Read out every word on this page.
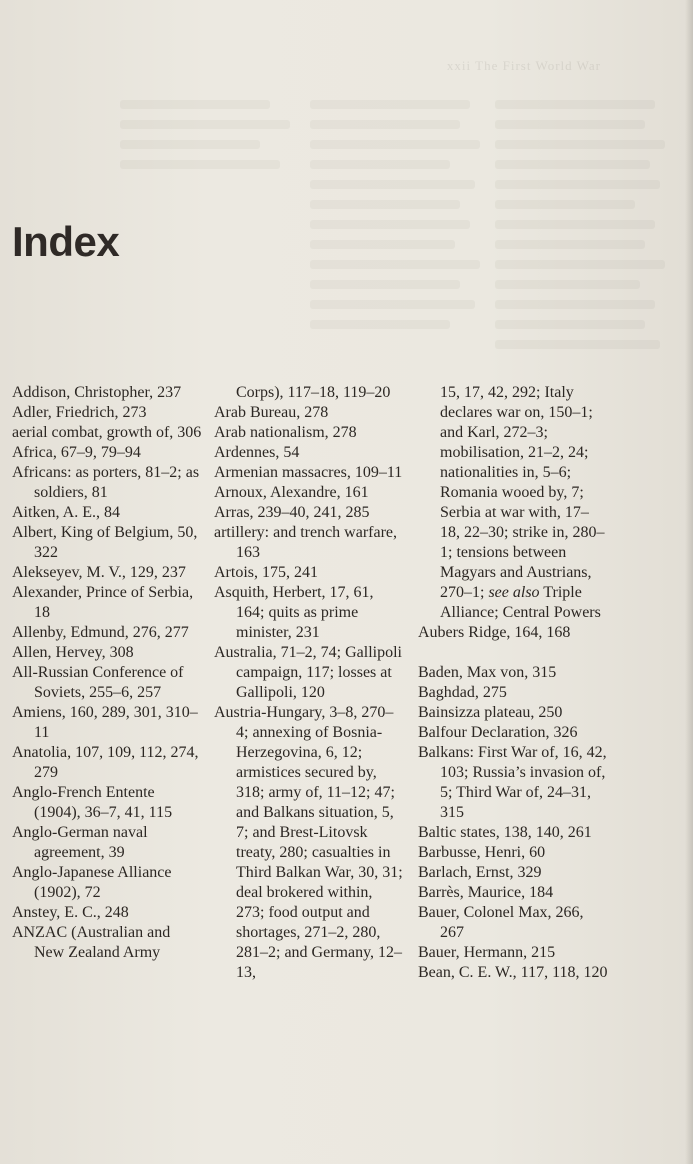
xxii The First World War
Index
Addison, Christopher, 237
Adler, Friedrich, 273
aerial combat, growth of, 306
Africa, 67–9, 79–94
Africans: as porters, 81–2; as soldiers, 81
Aitken, A. E., 84
Albert, King of Belgium, 50, 322
Alekseyev, M. V., 129, 237
Alexander, Prince of Serbia, 18
Allenby, Edmund, 276, 277
Allen, Hervey, 308
All-Russian Conference of Soviets, 255–6, 257
Amiens, 160, 289, 301, 310–11
Anatolia, 107, 109, 112, 274, 279
Anglo-French Entente (1904), 36–7, 41, 115
Anglo-German naval agreement, 39
Anglo-Japanese Alliance (1902), 72
Anstey, E. C., 248
ANZAC (Australian and New Zealand Army
Corps), 117–18, 119–20
Arab Bureau, 278
Arab nationalism, 278
Ardennes, 54
Armenian massacres, 109–11
Arnoux, Alexandre, 161
Arras, 239–40, 241, 285
artillery: and trench warfare, 163
Artois, 175, 241
Asquith, Herbert, 17, 61, 164; quits as prime minister, 231
Australia, 71–2, 74; Gallipoli campaign, 117; losses at Gallipoli, 120
Austria-Hungary, 3–8, 270–4; annexing of Bosnia-Herzegovina, 6, 12; armistices secured by, 318; army of, 11–12; 47; and Balkans situation, 5, 7; and Brest-Litovsk treaty, 280; casualties in Third Balkan War, 30, 31; deal brokered within, 273; food output and shortages, 271–2, 280, 281–2; and Germany, 12–13,
15, 17, 42, 292; Italy declares war on, 150–1; and Karl, 272–3; mobilisation, 21–2, 24; nationalities in, 5–6; Romania wooed by, 7; Serbia at war with, 17–18, 22–30; strike in, 280–1; tensions between Magyars and Austrians, 270–1; see also Triple Alliance; Central Powers
Aubers Ridge, 164, 168
Baden, Max von, 315
Baghdad, 275
Bainsizza plateau, 250
Balfour Declaration, 326
Balkans: First War of, 16, 42, 103; Russia’s invasion of, 5; Third War of, 24–31, 315
Baltic states, 138, 140, 261
Barbusse, Henri, 60
Barlach, Ernst, 329
Barrès, Maurice, 184
Bauer, Colonel Max, 266, 267
Bauer, Hermann, 215
Bean, C. E. W., 117, 118, 120
